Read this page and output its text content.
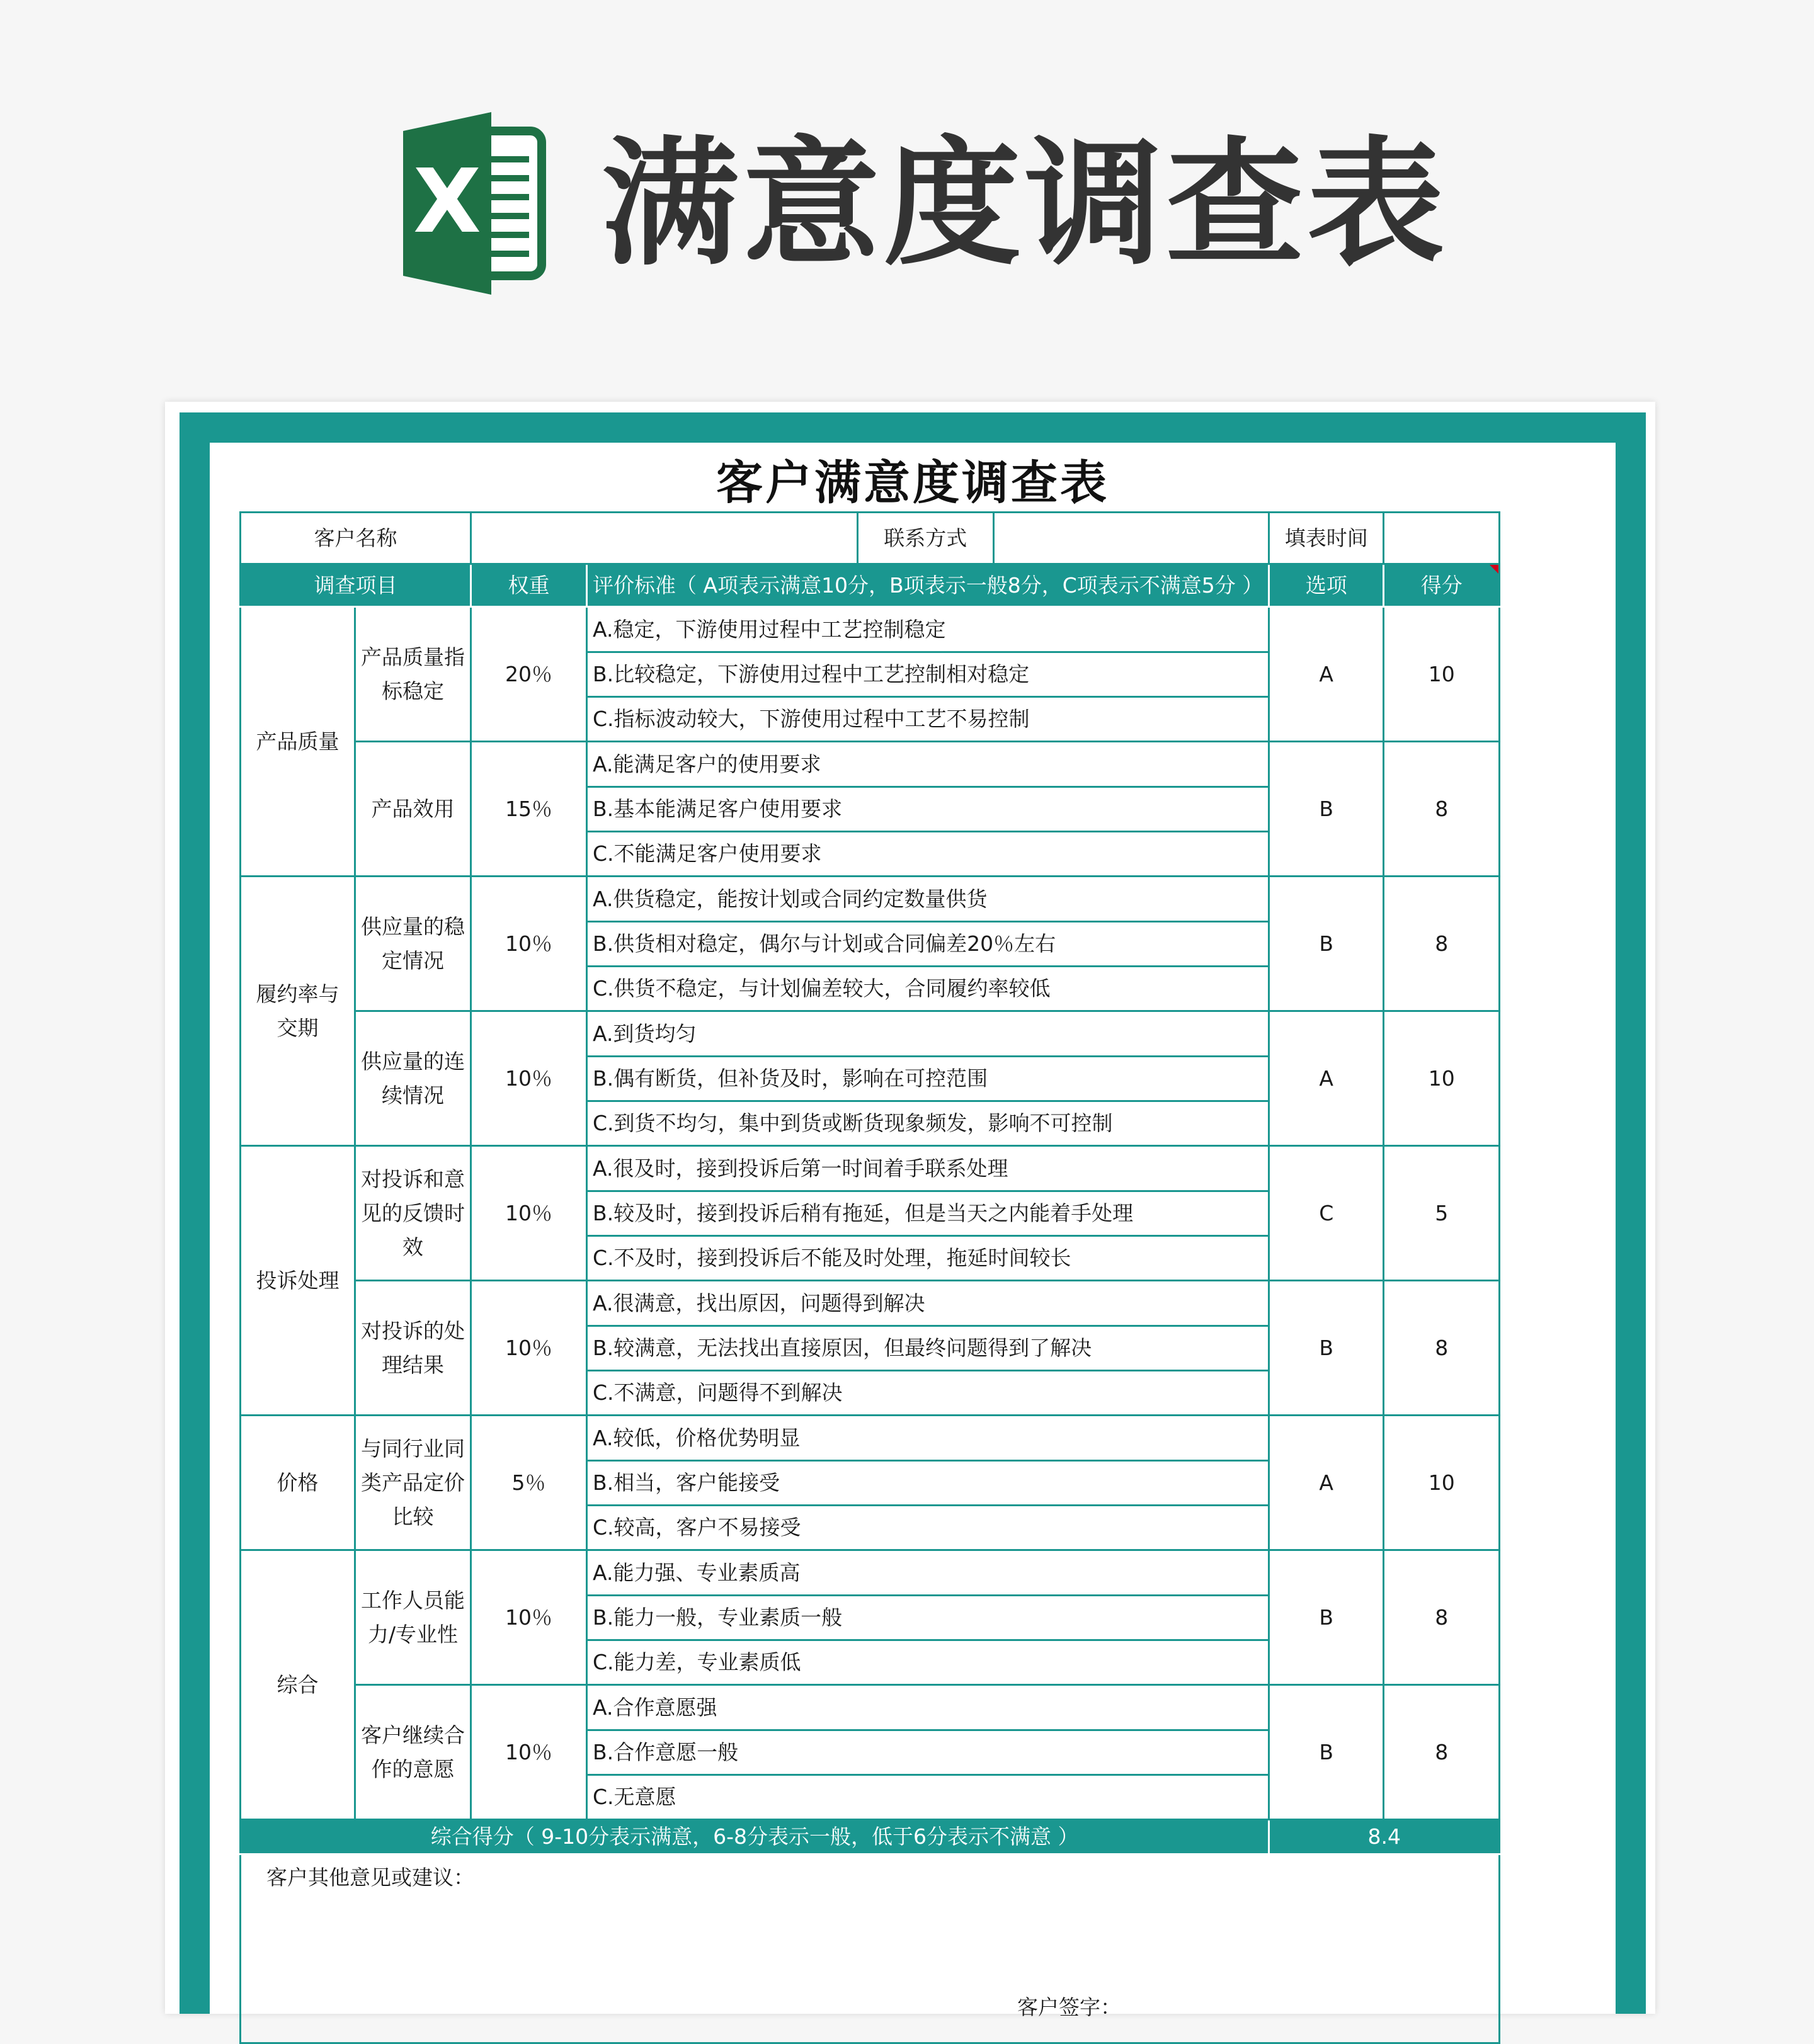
X 满意度调查表
客户满意度调查表
客户名称				联系方式		填表时间	
调查项目		权重	评价标准（ A项表示满意10分，B项表示一般8分，C项表示不满意5分 ）			选项	得分

产品质量	产品质量指标稳定	20％	A.稳定，下游使用过程中工艺控制稳定			A	10
			B.比较稳定，下游使用过程中工艺控制相对稳定				
			C.指标波动较大，下游使用过程中工艺不易控制				
	产品效用	15％	A.能满足客户的使用要求			B	8
			B.基本能满足客户使用要求				
			C.不能满足客户使用要求				
履约率与交期	供应量的稳定情况	10％	A.供货稳定，能按计划或合同约定数量供货			B	8
			B.供货相对稳定，偶尔与计划或合同偏差20％左右				
			C.供货不稳定，与计划偏差较大，合同履约率较低				
	供应量的连续情况	10％	A.到货均匀			A	10
			B.偶有断货，但补货及时，影响在可控范围				
			C.到货不均匀，集中到货或断货现象频发，影响不可控制				
投诉处理	对投诉和意见的反馈时效	10％	A.很及时，接到投诉后第一时间着手联系处理			C	5
			B.较及时，接到投诉后稍有拖延，但是当天之内能着手处理				
			C.不及时，接到投诉后不能及时处理，拖延时间较长				
	对投诉的处理结果	10％	A.很满意，找出原因，问题得到解决			B	8
			B.较满意，无法找出直接原因，但最终问题得到了解决				
			C.不满意，问题得不到解决				
价格	与同行业同类产品定价比较	5％	A.较低，价格优势明显			A	10
			B.相当，客户能接受				
			C.较高，客户不易接受				
综合	工作人员能力/专业性	10％	A.能力强、专业素质高			B	8
			B.能力一般，专业素质一般				
			C.能力差，专业素质低				
	客户继续合作的意愿	10％	A.合作意愿强			B	8
			B.合作意愿一般				
			C.无意愿				
综合得分（ 9-10分表示满意，6-8分表示一般，低于6分表示不满意 ）						8.4	
客户其他意见或建议：							
客户签字：
